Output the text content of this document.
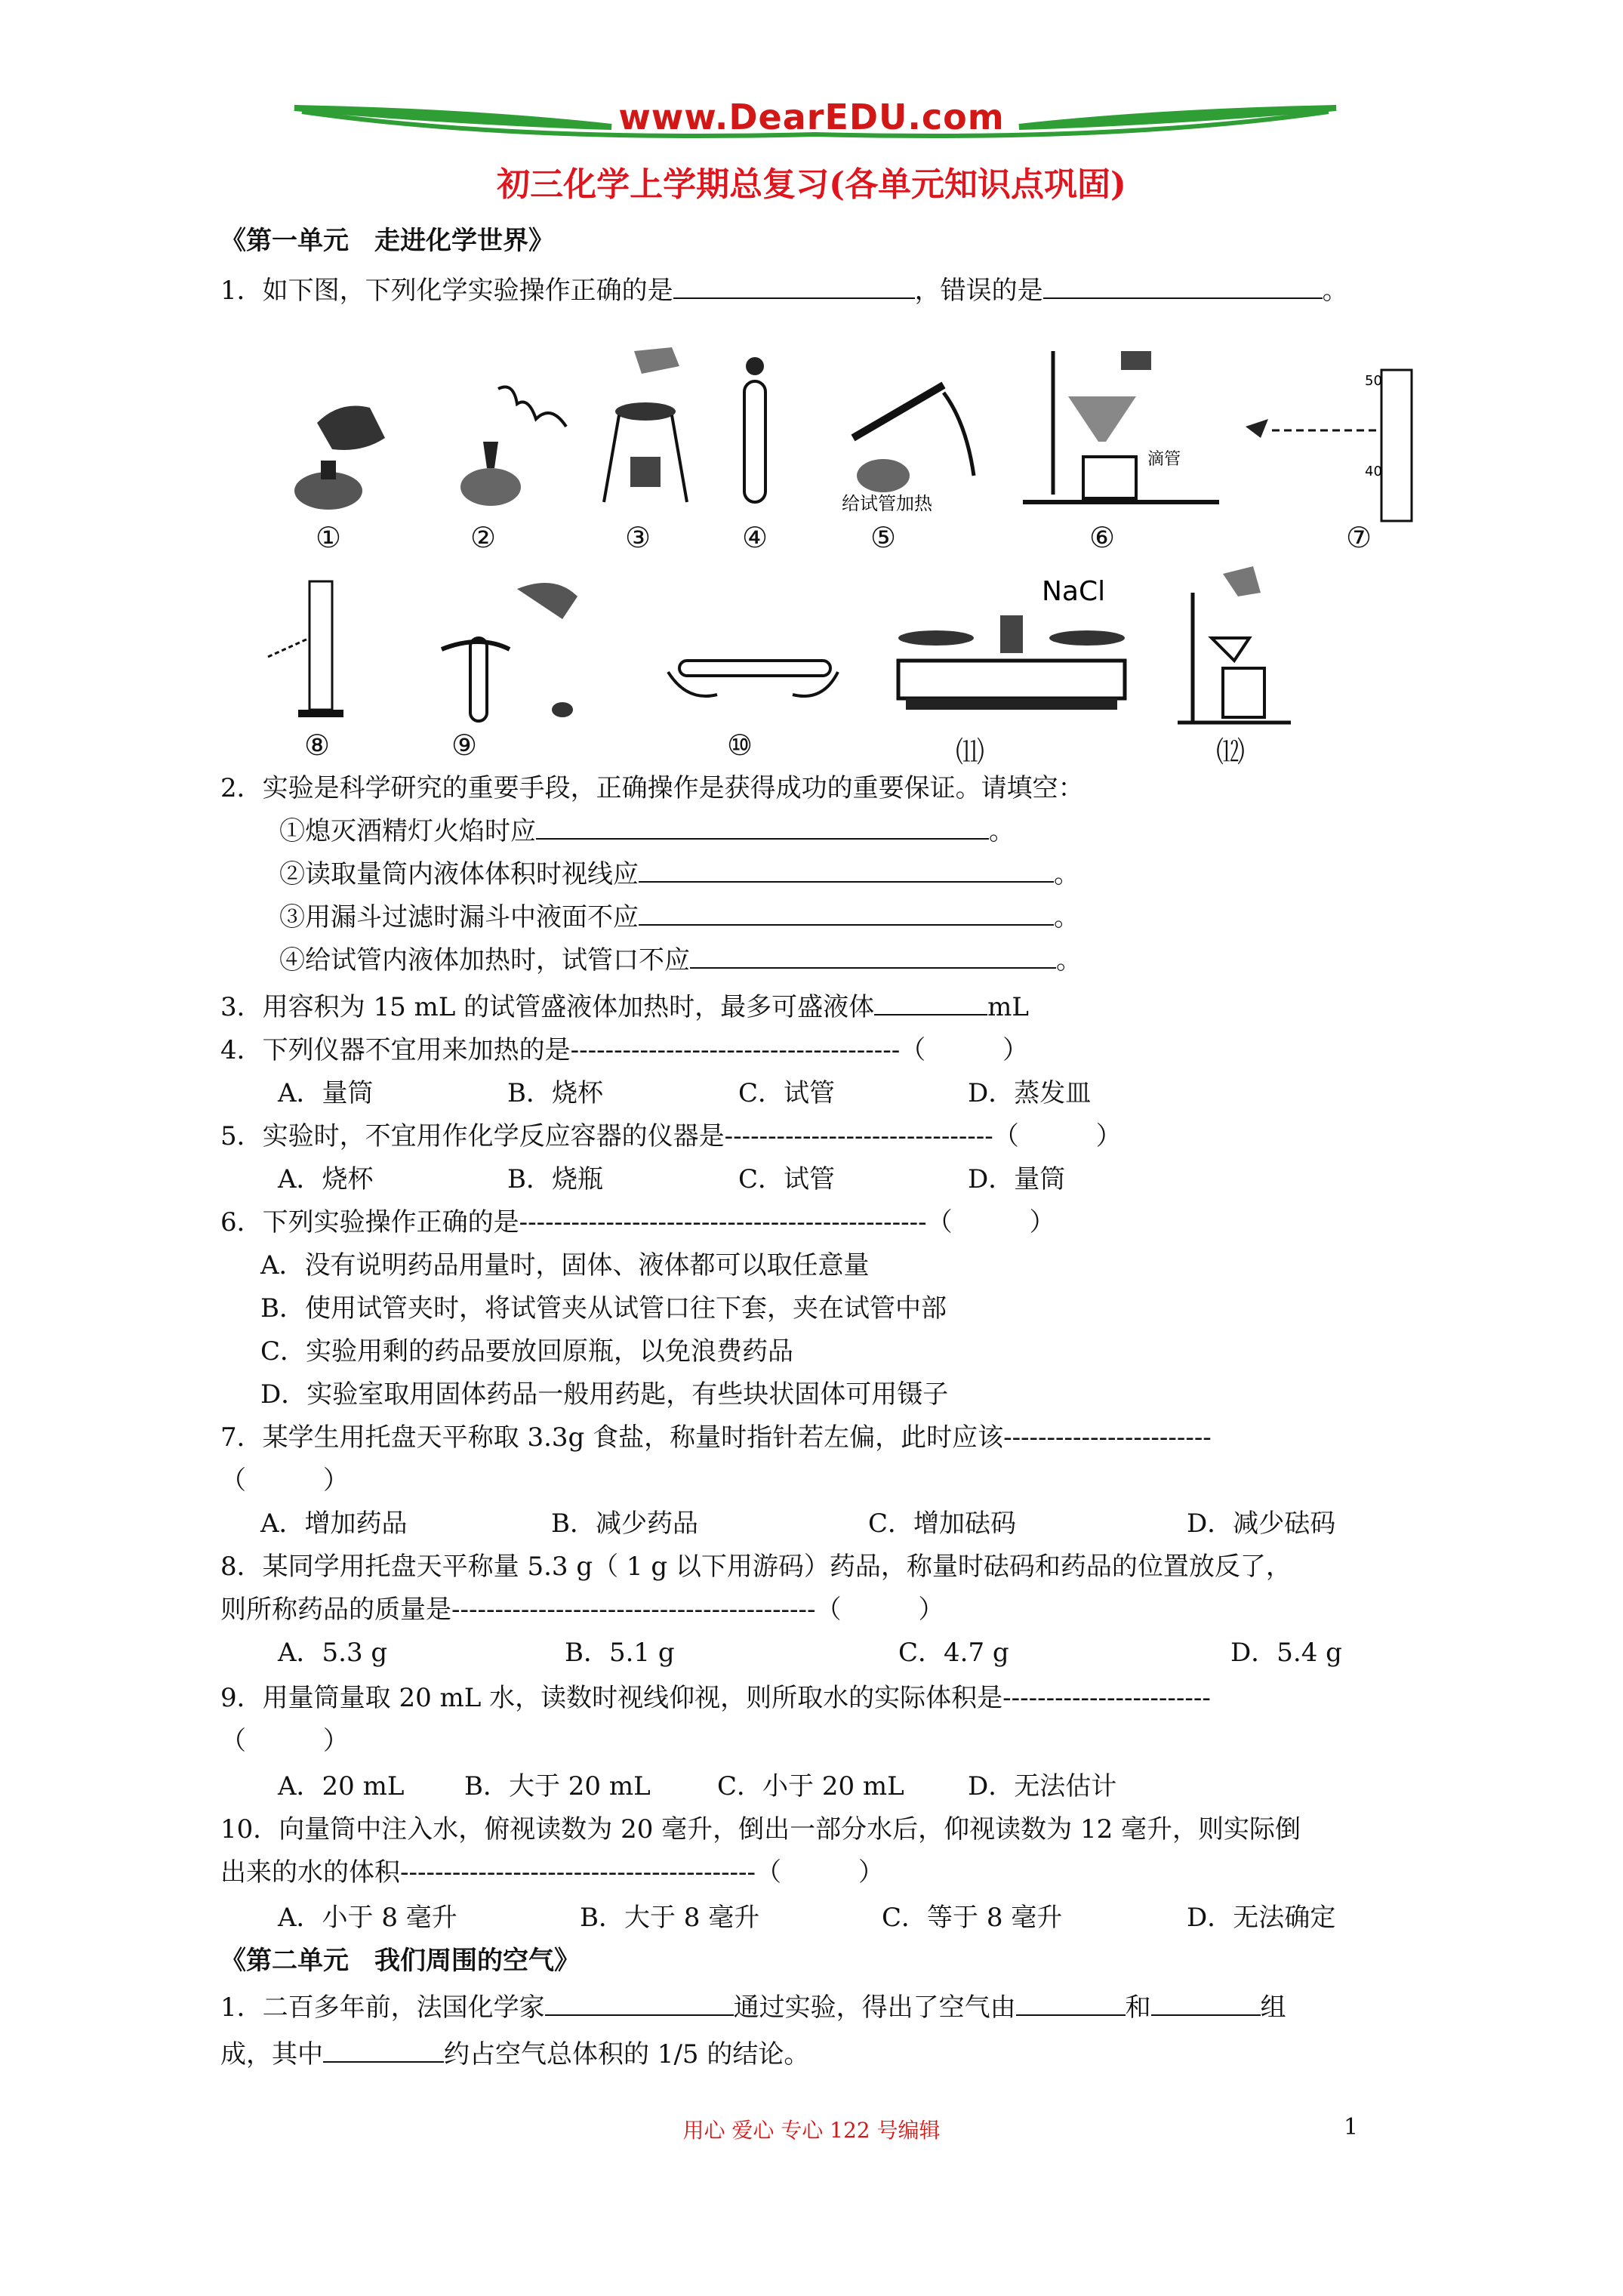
www.DearEDU.com
初三化学上学期总复习(各单元知识点巩固)
《第一单元　走进化学世界》
1．如下图，下列化学实验操作正确的是	，错误的是	。
给试管加热
滴管
50
40
①	②	③	④	⑤	⑥	⑦
NaCl
⑧	⑨	⑩	⑾	⑿
2．实验是科学研究的重要手段，正确操作是获得成功的重要保证。请填空：
①熄灭酒精灯火焰时应	。
②读取量筒内液体体积时视线应	。
③用漏斗过滤时漏斗中液面不应	。
④给试管内液体加热时，试管口不应	。
3．用容积为 15 mL 的试管盛液体加热时，最多可盛液体	mL
4．下列仪器不宜用来加热的是--------------------------------------（　　　）
A．量筒	B．烧杯	C．试管	D．蒸发皿
5．实验时，不宜用作化学反应容器的仪器是-------------------------------（　　　）
A．烧杯	B．烧瓶	C．试管	D．量筒
6．下列实验操作正确的是-----------------------------------------------（　　　）
A．没有说明药品用量时，固体、液体都可以取任意量
B．使用试管夹时，将试管夹从试管口往下套，夹在试管中部
C．实验用剩的药品要放回原瓶，以免浪费药品
D．实验室取用固体药品一般用药匙，有些块状固体可用镊子
7．某学生用托盘天平称取 3.3g 食盐，称量时指针若左偏，此时应该------------------------
（　　　）
A．增加药品	B．减少药品	C．增加砝码	D．减少砝码
8．某同学用托盘天平称量 5.3 g（ 1 g 以下用游码）药品，称量时砝码和药品的位置放反了，
则所称药品的质量是------------------------------------------（　　　）
A．5.3 g	B．5.1 g	C．4.7 g	D．5.4 g
9．用量筒量取 20 mL 水，读数时视线仰视，则所取水的实际体积是------------------------
（　　　）
A．20 mL B．大于 20 mL	C．小于 20 mL D．无法估计
10．向量筒中注入水，俯视读数为 20 毫升，倒出一部分水后，仰视读数为 12 毫升，则实际倒
出来的水的体积-----------------------------------------（　　　）
A．小于 8 毫升	B．大于 8 毫升	C．等于 8 毫升	D．无法确定
《第二单元　我们周围的空气》
1．二百多年前，法国化学家	通过实验，得出了空气由	和	组
成，其中	约占空气总体积的 1/5 的结论。
用心 爱心 专心 122 号编辑	1
